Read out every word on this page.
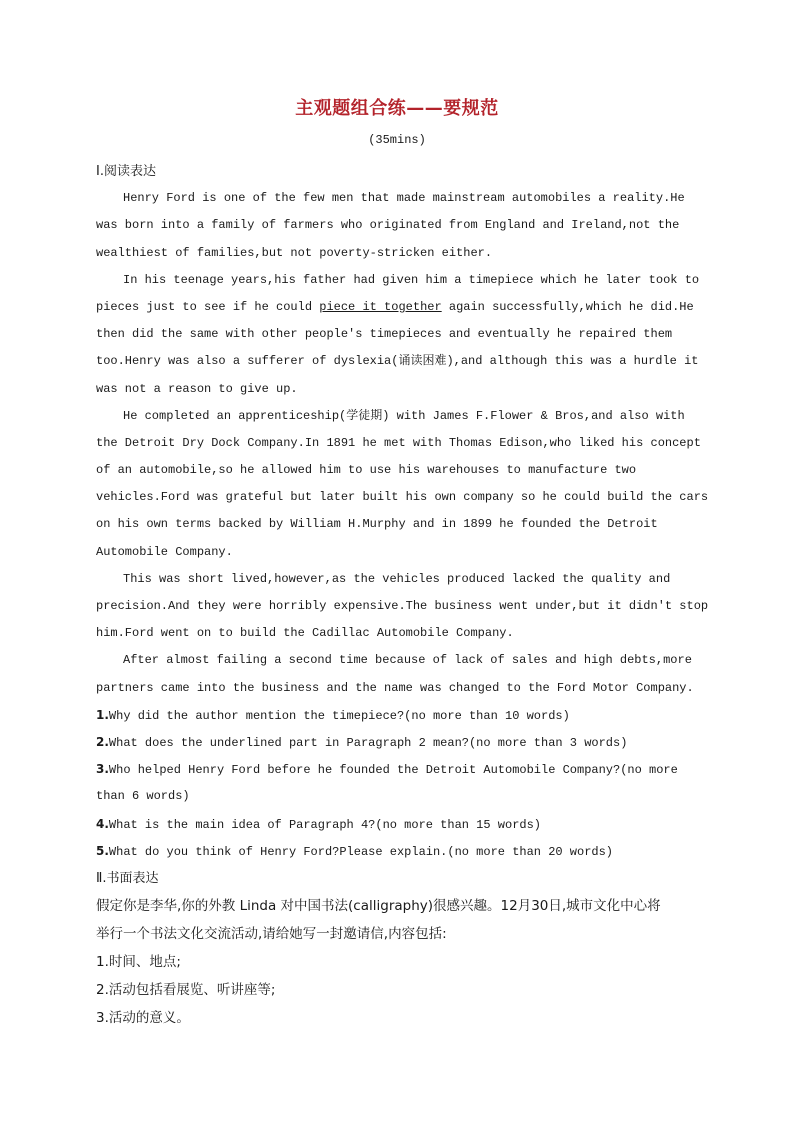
主观题组合练——要规范
(35mins)
Ⅰ.阅读表达
Henry Ford is one of the few men that made mainstream automobiles a reality.He
was born into a family of farmers who originated from England and Ireland,not the
wealthiest of families,but not poverty-stricken either.
In his teenage years,his father had given him a timepiece which he later took to
pieces just to see if he could piece it together again successfully,which he did.He
then did the same with other people's timepieces and eventually he repaired them
too.Henry was also a sufferer of dyslexia(诵读困难),and although this was a hurdle it
was not a reason to give up.
He completed an apprenticeship(学徒期) with James F.Flower & Bros,and also with
the Detroit Dry Dock Company.In 1891 he met with Thomas Edison,who liked his concept
of an automobile,so he allowed him to use his warehouses to manufacture two
vehicles.Ford was grateful but later built his own company so he could build the cars
on his own terms backed by William H.Murphy and in 1899 he founded the Detroit
Automobile Company.
This was short lived,however,as the vehicles produced lacked the quality and
precision.And they were horribly expensive.The business went under,but it didn't stop
him.Ford went on to build the Cadillac Automobile Company.
After almost failing a second time because of lack of sales and high debts,more
partners came into the business and the name was changed to the Ford Motor Company.
1.Why did the author mention the timepiece?(no more than 10 words)
2.What does the underlined part in Paragraph 2 mean?(no more than 3 words)
3.Who helped Henry Ford before he founded the Detroit Automobile Company?(no more
than 6 words)
4.What is the main idea of Paragraph 4?(no more than 15 words)
5.What do you think of Henry Ford?Please explain.(no more than 20 words)
Ⅱ.书面表达
假定你是李华,你的外教 Linda 对中国书法(calligraphy)很感兴趣。12月30日,城市文化中心将
举行一个书法文化交流活动,请给她写一封邀请信,内容包括:
1.时间、地点;
2.活动包括看展览、听讲座等;
3.活动的意义。
